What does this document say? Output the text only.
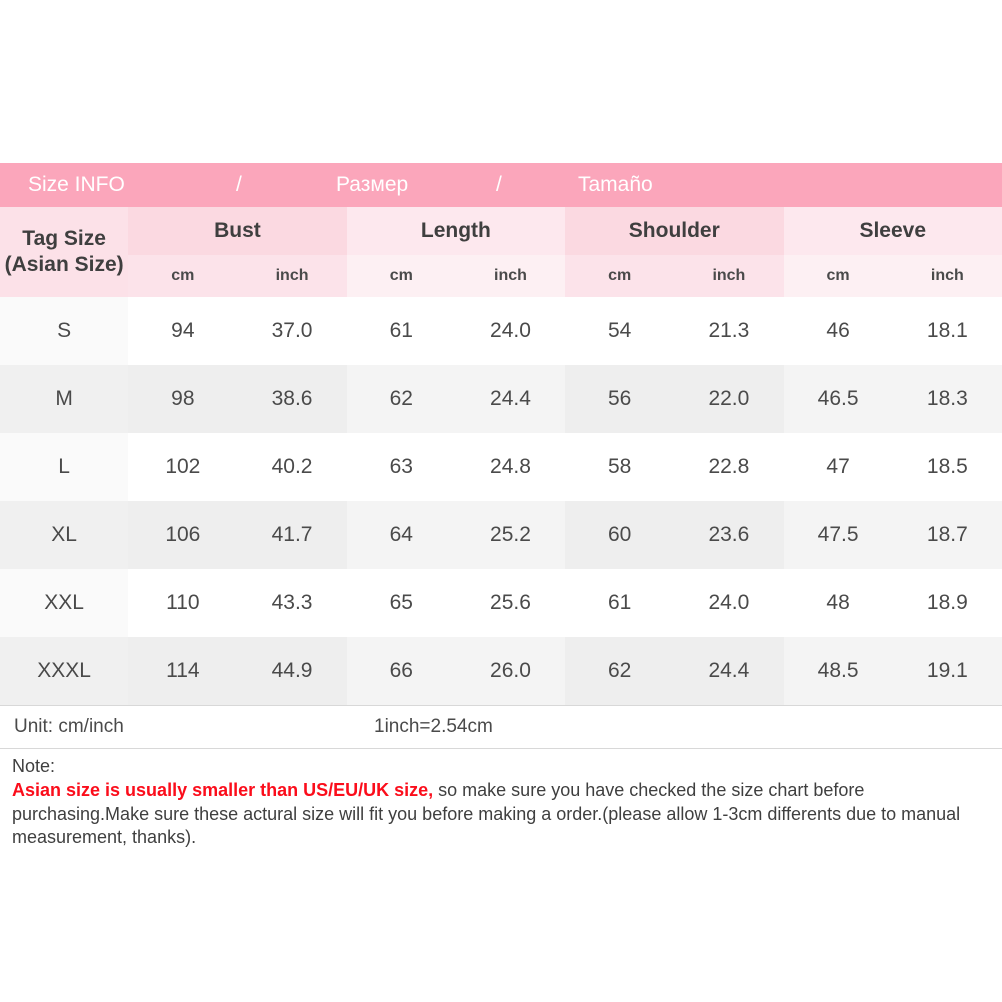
Size INFO	/	Размер	/	Tamaño
Tag Size
(Asian Size)	Bust		Length		Shoulder		Sleeve	
	cm	inch	cm	inch	cm	inch	cm	inch
S	94	37.0	61	24.0	54	21.3	46	18.1
M	98	38.6	62	24.4	56	22.0	46.5	18.3
L	102	40.2	63	24.8	58	22.8	47	18.5
XL	106	41.7	64	25.2	60	23.6	47.5	18.7
XXL	110	43.3	65	25.6	61	24.0	48	18.9
XXXL	114	44.9	66	26.0	62	24.4	48.5	19.1
Unit: cm/inch	1inch=2.54cm
Note:
Asian size is usually smaller than US/EU/UK size, so make sure you have checked the size chart before purchasing.Make sure these actural size will fit you before making a order.(please allow 1-3cm differents due to manual measurement, thanks).
